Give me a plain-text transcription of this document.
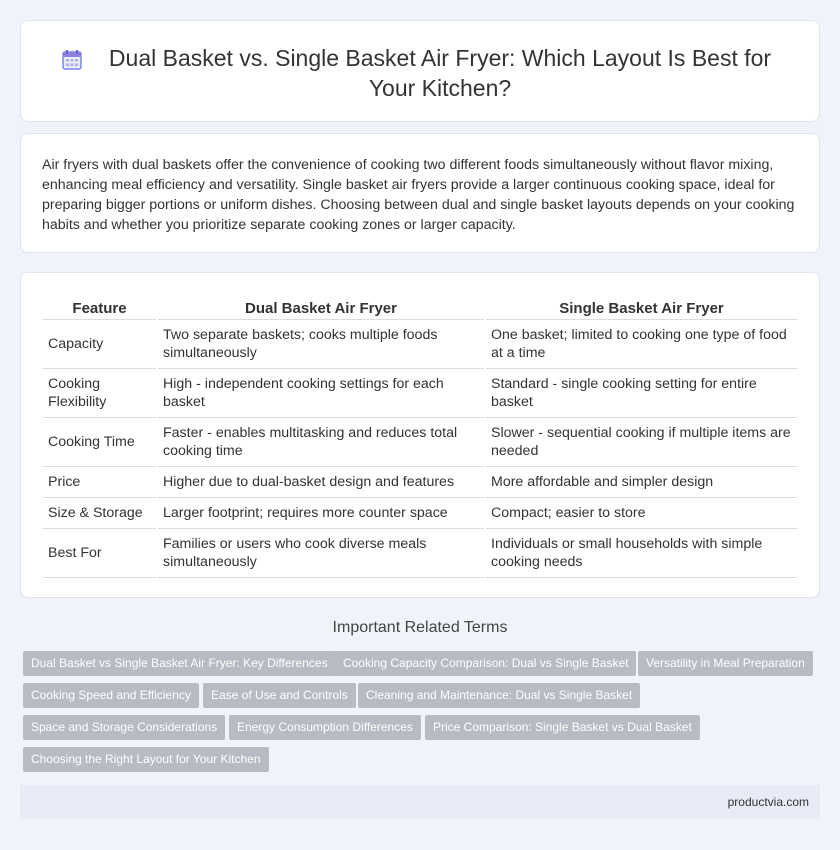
Dual Basket vs. Single Basket Air Fryer: Which Layout Is Best for Your Kitchen?

Air fryers with dual baskets offer the convenience of cooking two different foods simultaneously without flavor mixing, enhancing meal efficiency and versatility. Single basket air fryers provide a larger continuous cooking space, ideal for preparing bigger portions or uniform dishes. Choosing between dual and single basket layouts depends on your cooking habits and whether you prioritize separate cooking zones or larger capacity.

Feature	Dual Basket Air Fryer	Single Basket Air Fryer
Capacity	Two separate baskets; cooks multiple foods simultaneously	One basket; limited to cooking one type of food at a time
Cooking Flexibility	High - independent cooking settings for each basket	Standard - single cooking setting for entire basket
Cooking Time	Faster - enables multitasking and reduces total cooking time	Slower - sequential cooking if multiple items are needed
Price	Higher due to dual-basket design and features	More affordable and simpler design
Size & Storage	Larger footprint; requires more counter space	Compact; easier to store
Best For	Families or users who cook diverse meals simultaneously	Individuals or small households with simple cooking needs
Important Related Terms
Dual Basket vs Single Basket Air Fryer: Key Differences	Cooking Capacity Comparison: Dual vs Single Basket	Versatility in Meal Preparation
Cooking Speed and Efficiency	Ease of Use and Controls	Cleaning and Maintenance: Dual vs Single Basket
Space and Storage Considerations	Energy Consumption Differences	Price Comparison: Single Basket vs Dual Basket
Choosing the Right Layout for Your Kitchen
productvia.com
